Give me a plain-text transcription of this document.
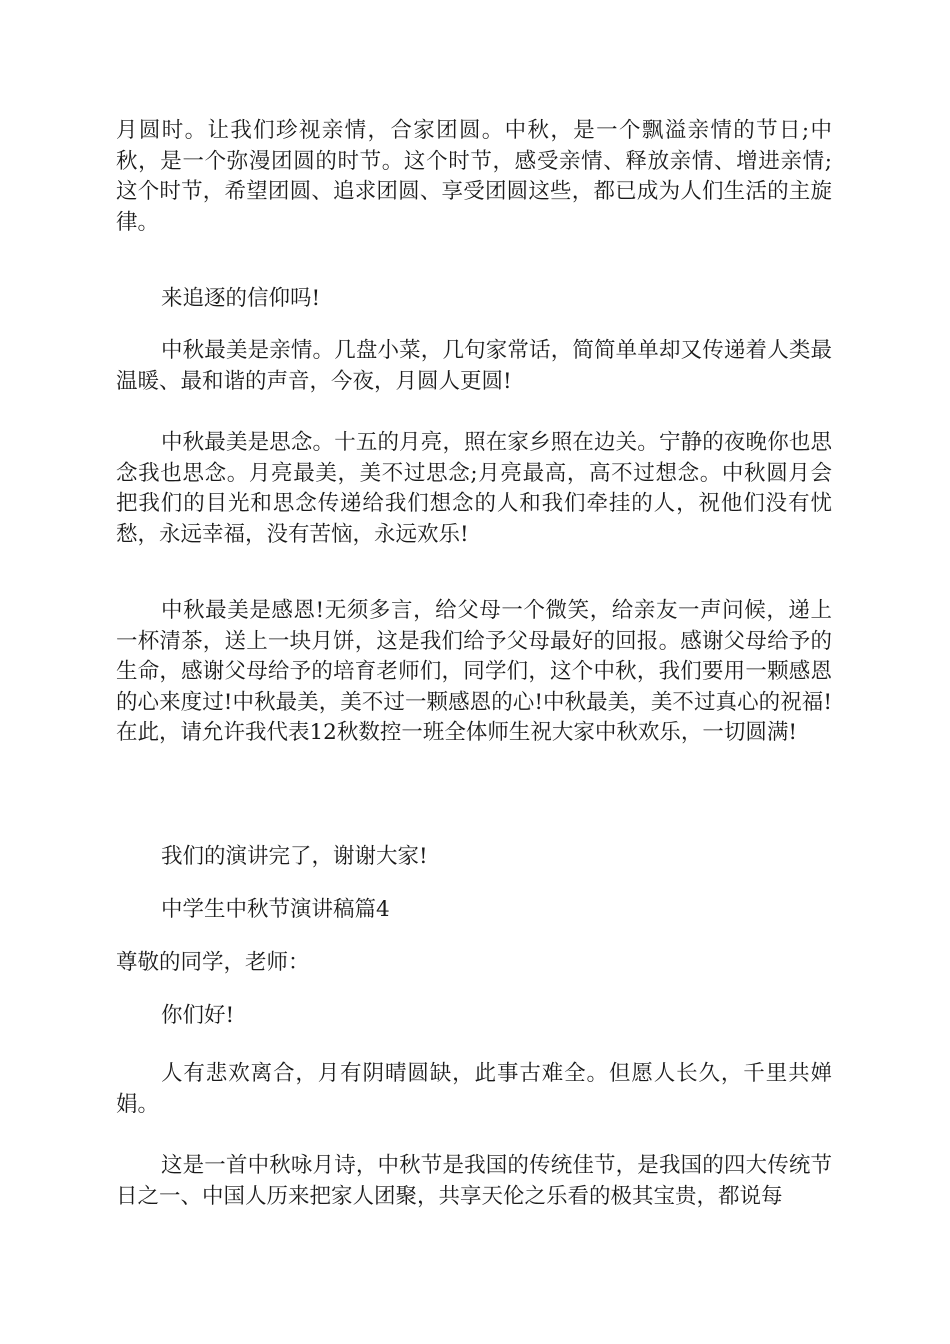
月圆时。让我们珍视亲情，合家团圆。中秋，是一个飘溢亲情的节日;中秋，是一个弥漫团圆的时节。这个时节，感受亲情、释放亲情、增进亲情;这个时节，希望团圆、追求团圆、享受团圆这些，都已成为人们生活的主旋律。

来追逐的信仰吗!

中秋最美是亲情。几盘小菜，几句家常话，简简单单却又传递着人类最温暖、最和谐的声音，今夜，月圆人更圆!

中秋最美是思念。十五的月亮，照在家乡照在边关。宁静的夜晚你也思念我也思念。月亮最美，美不过思念;月亮最高，高不过想念。中秋圆月会把我们的目光和思念传递给我们想念的人和我们牵挂的人，祝他们没有忧愁，永远幸福，没有苦恼，永远欢乐!

中秋最美是感恩!无须多言，给父母一个微笑，给亲友一声问候，递上一杯清茶，送上一块月饼，这是我们给予父母最好的回报。感谢父母给予的生命，感谢父母给予的培育老师们，同学们，这个中秋，我们要用一颗感恩的心来度过!中秋最美，美不过一颗感恩的心!中秋最美，美不过真心的祝福!在此，请允许我代表12秋数控一班全体师生祝大家中秋欢乐，一切圆满!

我们的演讲完了，谢谢大家!

中学生中秋节演讲稿篇4

尊敬的同学，老师：

你们好!

人有悲欢离合，月有阴晴圆缺，此事古难全。但愿人长久，千里共婵娟。

这是一首中秋咏月诗，中秋节是我国的传统佳节，是我国的四大传统节日之一、中国人历来把家人团聚，共享天伦之乐看的极其宝贵，都说每
